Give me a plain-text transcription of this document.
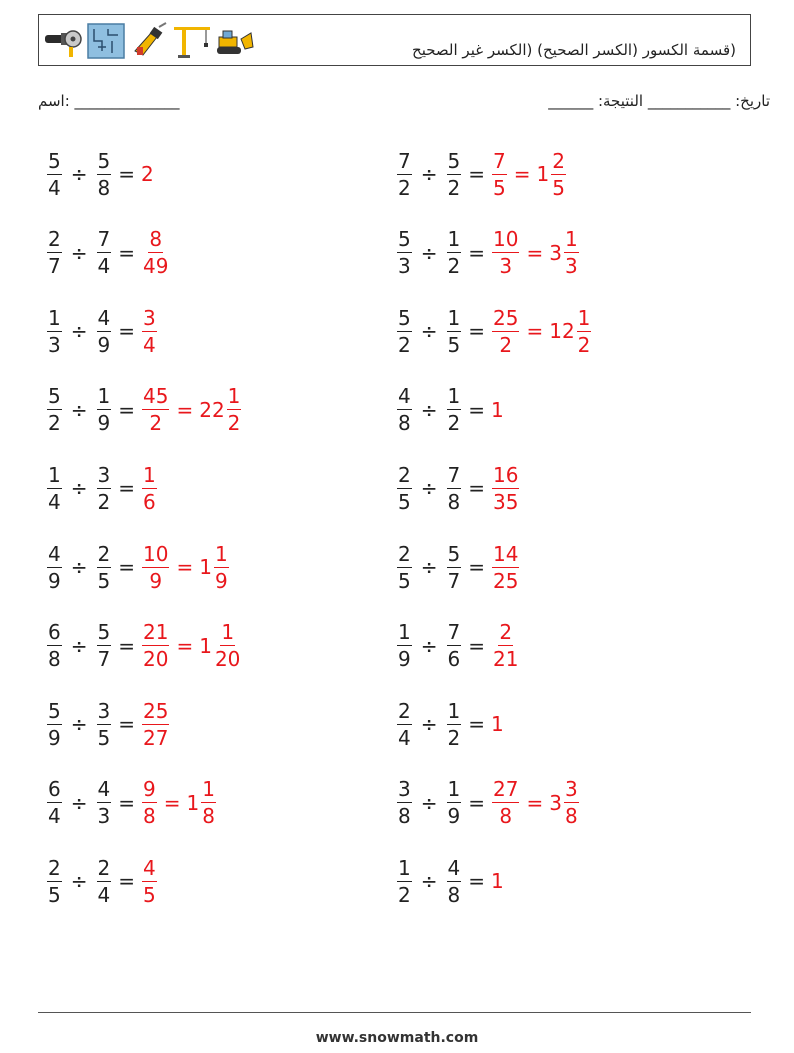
(قسمة الكسور (الكسر الصحيح) (الكسر غير الصحيح
اسم: ______________	______ :تاريخ: ___________ النتيجة
$\frac{5}{4} \div \frac{5}{8} = 2$	$\frac{7}{2} \div \frac{5}{2} = \frac{7}{5} = 1 \frac{2}{5}$
$\frac{2}{7} \div \frac{7}{4} = \frac{8}{49}$	$\frac{5}{3} \div \frac{1}{2} = \frac{10}{3} = 3 \frac{1}{3}$
$\frac{1}{3} \div \frac{4}{9} = \frac{3}{4}$	$\frac{5}{2} \div \frac{1}{5} = \frac{25}{2} = 12 \frac{1}{2}$
$\frac{5}{2} \div \frac{1}{9} = \frac{45}{2} = 22 \frac{1}{2}$	$\frac{4}{8} \div \frac{1}{2} = 1$
$\frac{1}{4} \div \frac{3}{2} = \frac{1}{6}$	$\frac{2}{5} \div \frac{7}{8} = \frac{16}{35}$
$\frac{4}{9} \div \frac{2}{5} = \frac{10}{9} = 1 \frac{1}{9}$	$\frac{2}{5} \div \frac{5}{7} = \frac{14}{25}$
$\frac{6}{8} \div \frac{5}{7} = \frac{21}{20} = 1 \frac{1}{20}$	$\frac{1}{9} \div \frac{7}{6} = \frac{2}{21}$
$\frac{5}{9} \div \frac{3}{5} = \frac{25}{27}$	$\frac{2}{4} \div \frac{1}{2} = 1$
$\frac{6}{4} \div \frac{4}{3} = \frac{9}{8} = 1 \frac{1}{8}$	$\frac{3}{8} \div \frac{1}{9} = \frac{27}{8} = 3 \frac{3}{8}$
$\frac{2}{5} \div \frac{2}{4} = \frac{4}{5}$	$\frac{1}{2} \div \frac{4}{8} = 1$
www.snowmath.com
